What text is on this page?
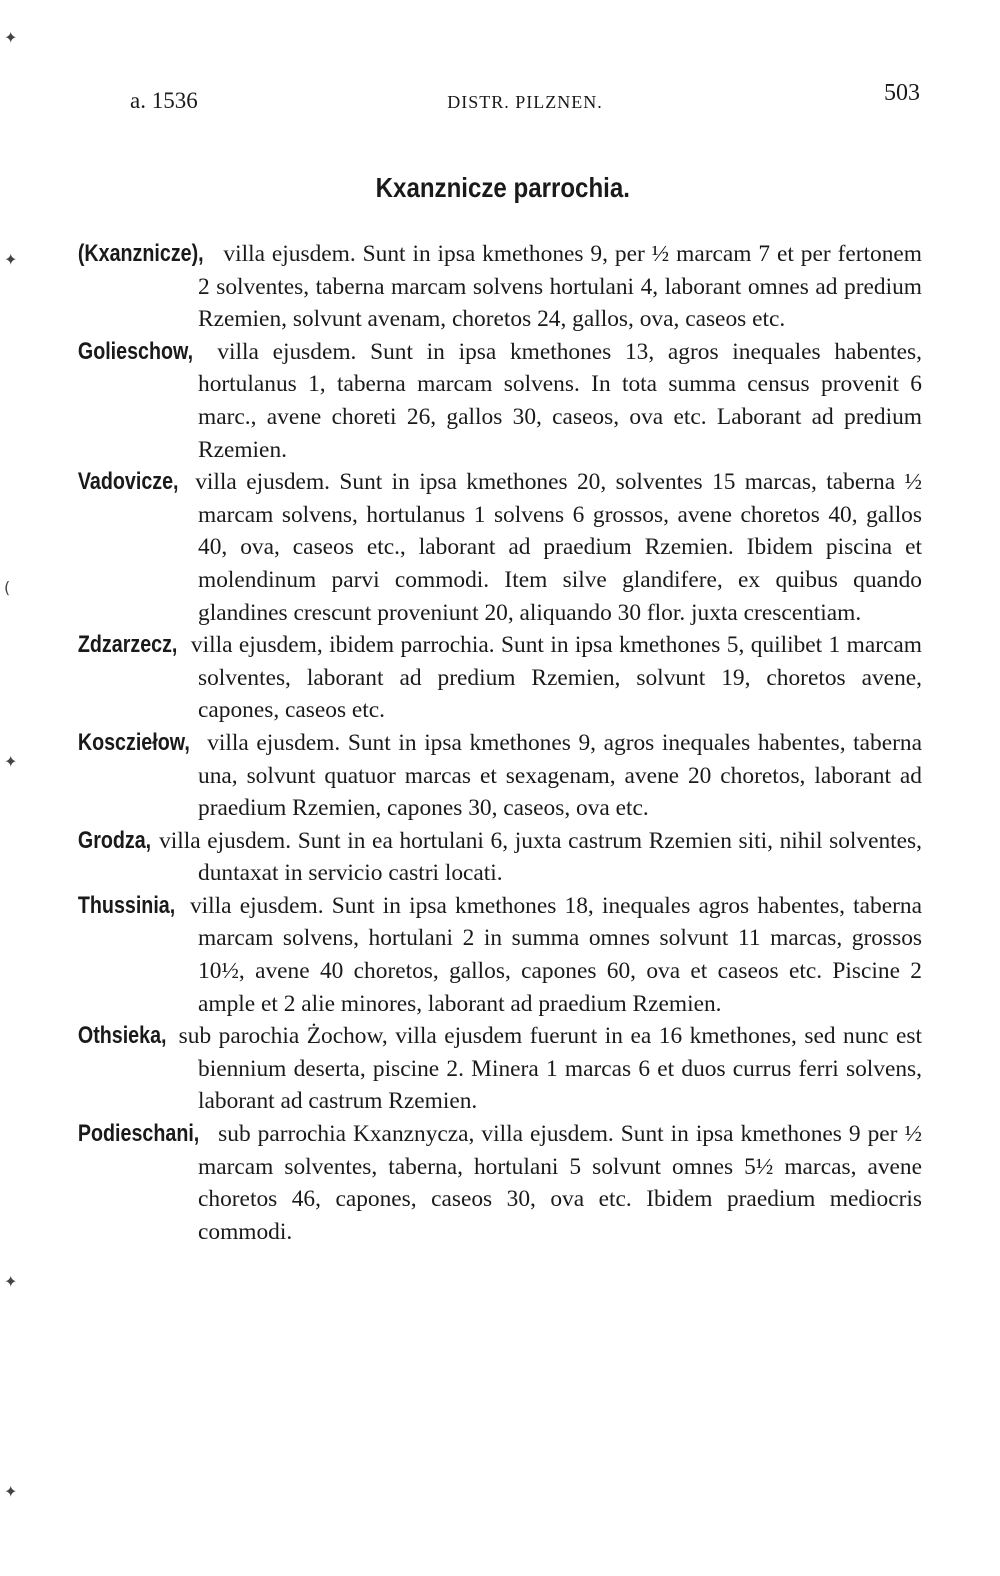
✦
✦
(
✦
✦
✦
a. 1536	DISTR. PILZNEN.	503
Kxanznicze parrochia.

(Kxanznicze), villa ejusdem. Sunt in ipsa kmethones 9, per ½ marcam 7 et per fertonem 2 solventes, taberna marcam solvens hortulani 4, laborant omnes ad predium Rzemien, solvunt avenam, choretos 24, gallos, ova, caseos etc.

Golieschow, villa ejusdem. Sunt in ipsa kmethones 13, agros inequales habentes, hortulanus 1, taberna marcam solvens. In tota summa census provenit 6 marc., avene choreti 26, gallos 30, caseos, ova etc. Laborant ad predium Rzemien.

Vadovicze, villa ejusdem. Sunt in ipsa kmethones 20, solventes 15 marcas, taberna ½ marcam solvens, hortulanus 1 solvens 6 grossos, avene choretos 40, gallos 40, ova, caseos etc., laborant ad praedium Rzemien. Ibidem piscina et molendinum parvi commodi. Item silve glandifere, ex quibus quando glandines crescunt proveniunt 20, aliquando 30 flor. juxta crescentiam.

Zdzarzecz, villa ejusdem, ibidem parrochia. Sunt in ipsa kmethones 5, quilibet 1 marcam solventes, laborant ad predium Rzemien, solvunt 19, choretos avene, capones, caseos etc.

Koscziełow, villa ejusdem. Sunt in ipsa kmethones 9, agros inequales habentes, taberna una, solvunt quatuor marcas et sexagenam, avene 20 choretos, laborant ad praedium Rzemien, capones 30, caseos, ova etc.

Grodza, villa ejusdem. Sunt in ea hortulani 6, juxta castrum Rzemien siti, nihil solventes, duntaxat in servicio castri locati.

Thussinia, villa ejusdem. Sunt in ipsa kmethones 18, inequales agros habentes, taberna marcam solvens, hortulani 2 in summa omnes solvunt 11 marcas, grossos 10½, avene 40 choretos, gallos, capones 60, ova et caseos etc. Piscine 2 ample et 2 alie minores, laborant ad praedium Rzemien.

Othsieka, sub parochia Żochow, villa ejusdem fuerunt in ea 16 kmethones, sed nunc est biennium deserta, piscine 2. Minera 1 marcas 6 et duos currus ferri solvens, laborant ad castrum Rzemien.

Podieschani, sub parrochia Kxanznycza, villa ejusdem. Sunt in ipsa kmethones 9 per ½ marcam solventes, taberna, hortulani 5 solvunt omnes 5½ marcas, avene choretos 46, capones, caseos 30, ova etc. Ibidem praedium mediocris commodi.
